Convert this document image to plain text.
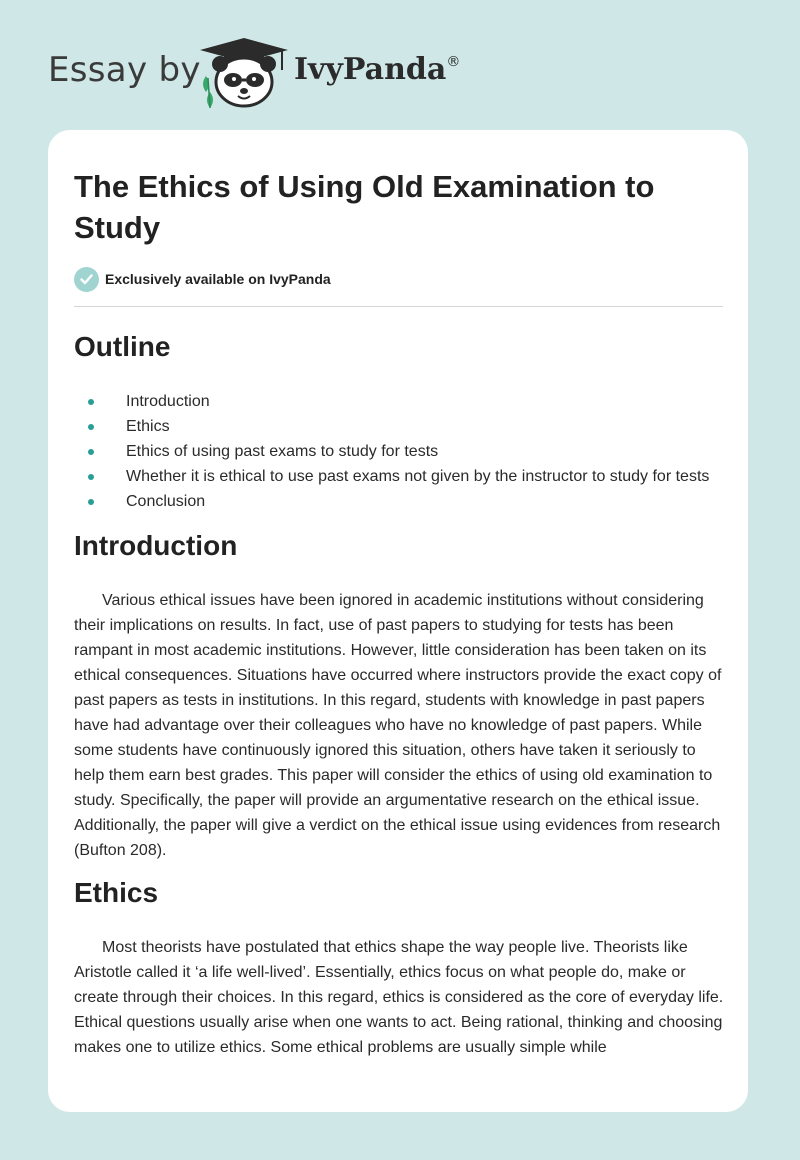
Essay by	IvyPanda®
The Ethics of Using Old Examination to Study
Exclusively available on IvyPanda
Outline
Introduction
Ethics
Ethics of using past exams to study for tests
Whether it is ethical to use past exams not given by the instructor to study for tests
Conclusion
Introduction

Various ethical issues have been ignored in academic institutions without considering their implications on results. In fact, use of past papers to studying for tests has been rampant in most academic institutions. However, little consideration has been taken on its ethical consequences. Situations have occurred where instructors provide the exact copy of past papers as tests in institutions. In this regard, students with knowledge in past papers have had advantage over their colleagues who have no knowledge of past papers. While some students have continuously ignored this situation, others have taken it seriously to help them earn best grades. This paper will consider the ethics of using old examination to study. Specifically, the paper will provide an argumentative research on the ethical issue. Additionally, the paper will give a verdict on the ethical issue using evidences from research (Bufton 208).

Ethics

Most theorists have postulated that ethics shape the way people live. Theorists like Aristotle called it ‘a life well-lived’. Essentially, ethics focus on what people do, make or create through their choices. In this regard, ethics is considered as the core of everyday life. Ethical questions usually arise when one wants to act. Being rational, thinking and choosing makes one to utilize ethics. Some ethical problems are usually simple while
